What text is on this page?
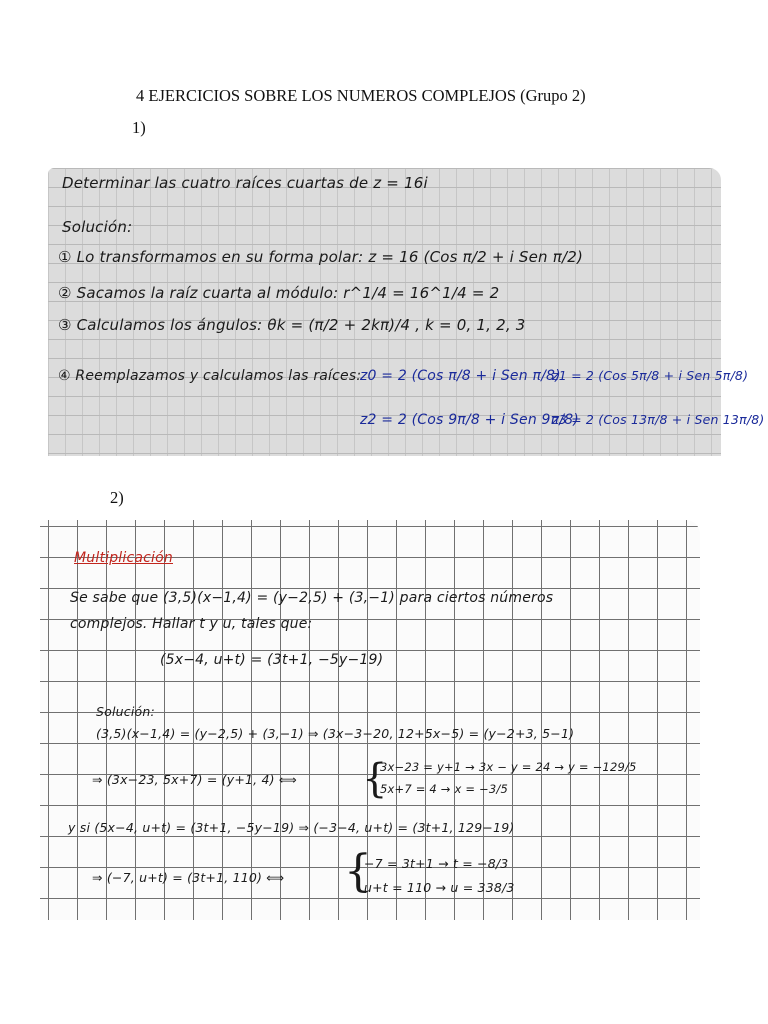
4 EJERCICIOS SOBRE LOS NUMEROS COMPLEJOS (Grupo 2)
1)
Determinar las cuatro raíces cuartas de z = 16i
Solución:
① Lo transformamos en su forma polar: z = 16 (Cos π/2 + i Sen π/2)
② Sacamos la raíz cuarta al módulo: r^1/4 = 16^1/4 = 2
③ Calculamos los ángulos: θk = (π/2 + 2kπ)/4 , k = 0, 1, 2, 3
④ Reemplazamos y calculamos las raíces:
z0 = 2 (Cos π/8 + i Sen π/8)
z1 = 2 (Cos 5π/8 + i Sen 5π/8)
z2 = 2 (Cos 9π/8 + i Sen 9π/8)
z3 = 2 (Cos 13π/8 + i Sen 13π/8)
2)
Multiplicación
Se sabe que (3,5)(x−1,4) = (y−2,5) + (3,−1) para ciertos números
complejos. Hallar t y u, tales que:
(5x−4, u+t) = (3t+1, −5y−19)
Solución:
(3,5)(x−1,4) = (y−2,5) + (3,−1) ⇒ (3x−3−20, 12+5x−5) = (y−2+3, 5−1)
⇒ (3x−23, 5x+7) = (y+1, 4) ⟺ {
3x−23 = y+1 → 3x − y = 24 → y = −129/5
5x+7 = 4 → x = −3/5
y si (5x−4, u+t) = (3t+1, −5y−19) ⇒ (−3−4, u+t) = (3t+1, 129−19)
⇒ (−7, u+t) = (3t+1, 110) ⟺ {
−7 = 3t+1 → t = −8/3
u+t = 110 → u = 338/3
